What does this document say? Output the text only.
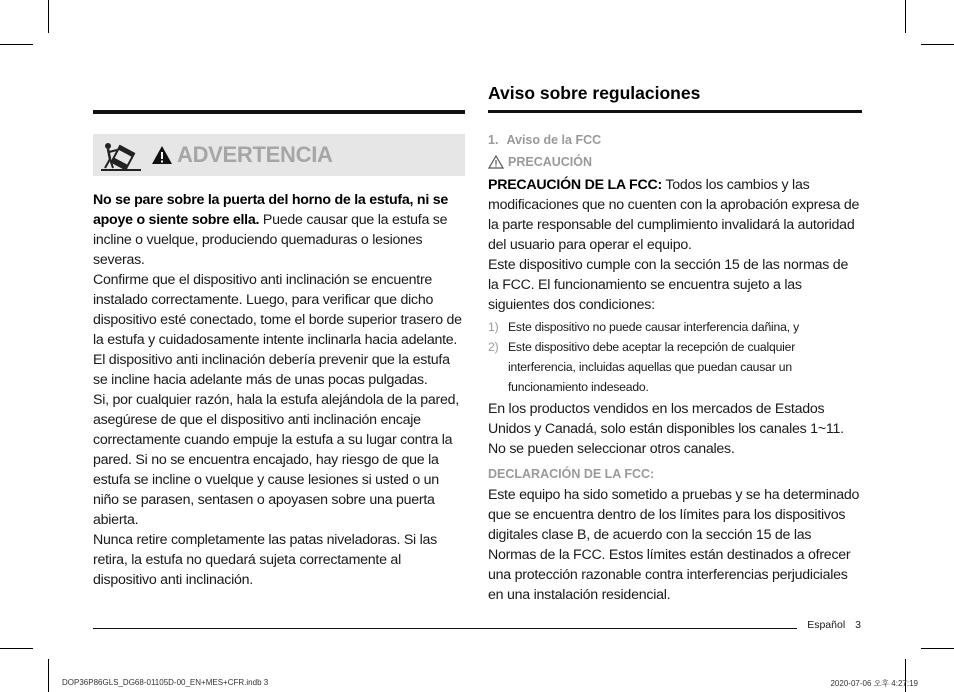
ADVERTENCIA

No se pare sobre la puerta del horno de la estufa, ni se apoye o siente sobre ella. Puede causar que la estufa se incline o vuelque, produciendo quemaduras o lesiones severas.

Confirme que el dispositivo anti inclinación se encuentre instalado correctamente. Luego, para verificar que dicho dispositivo esté conectado, tome el borde superior trasero de la estufa y cuidadosamente intente inclinarla hacia adelante. El dispositivo anti inclinación debería prevenir que la estufa se incline hacia adelante más de unas pocas pulgadas.

Si, por cualquier razón, hala la estufa alejándola de la pared, asegúrese de que el dispositivo anti inclinación encaje correctamente cuando empuje la estufa a su lugar contra la pared. Si no se encuentra encajado, hay riesgo de que la estufa se incline o vuelque y cause lesiones si usted o un niño se parasen, sentasen o apoyasen sobre una puerta abierta.

Nunca retire completamente las patas niveladoras. Si las retira, la estufa no quedará sujeta correctamente al dispositivo anti inclinación.

Aviso sobre regulaciones
1. Aviso de la FCC
PRECAUCIÓN

PRECAUCIÓN DE LA FCC: Todos los cambios y las modificaciones que no cuenten con la aprobación expresa de la parte responsable del cumplimiento invalidará la autoridad del usuario para operar el equipo.

Este dispositivo cumple con la sección 15 de las normas de la FCC. El funcionamiento se encuentra sujeto a las siguientes dos condiciones:

1) Este dispositivo no puede causar interferencia dañina, y
2) Este dispositivo debe aceptar la recepción de cualquier interferencia, incluidas aquellas que puedan causar un funcionamiento indeseado.

En los productos vendidos en los mercados de Estados Unidos y Canadá, solo están disponibles los canales 1~11. No se pueden seleccionar otros canales.

DECLARACIÓN DE LA FCC:

Este equipo ha sido sometido a pruebas y se ha determinado que se encuentra dentro de los límites para los dispositivos digitales clase B, de acuerdo con la sección 15 de las Normas de la FCC. Estos límites están destinados a ofrecer una protección razonable contra interferencias perjudiciales en una instalación residencial.

Español 3
DOP36P86GLS_DG68-01105D-00_EN+MES+CFR.indb 3	2020-07-06 오후 4:27:19
